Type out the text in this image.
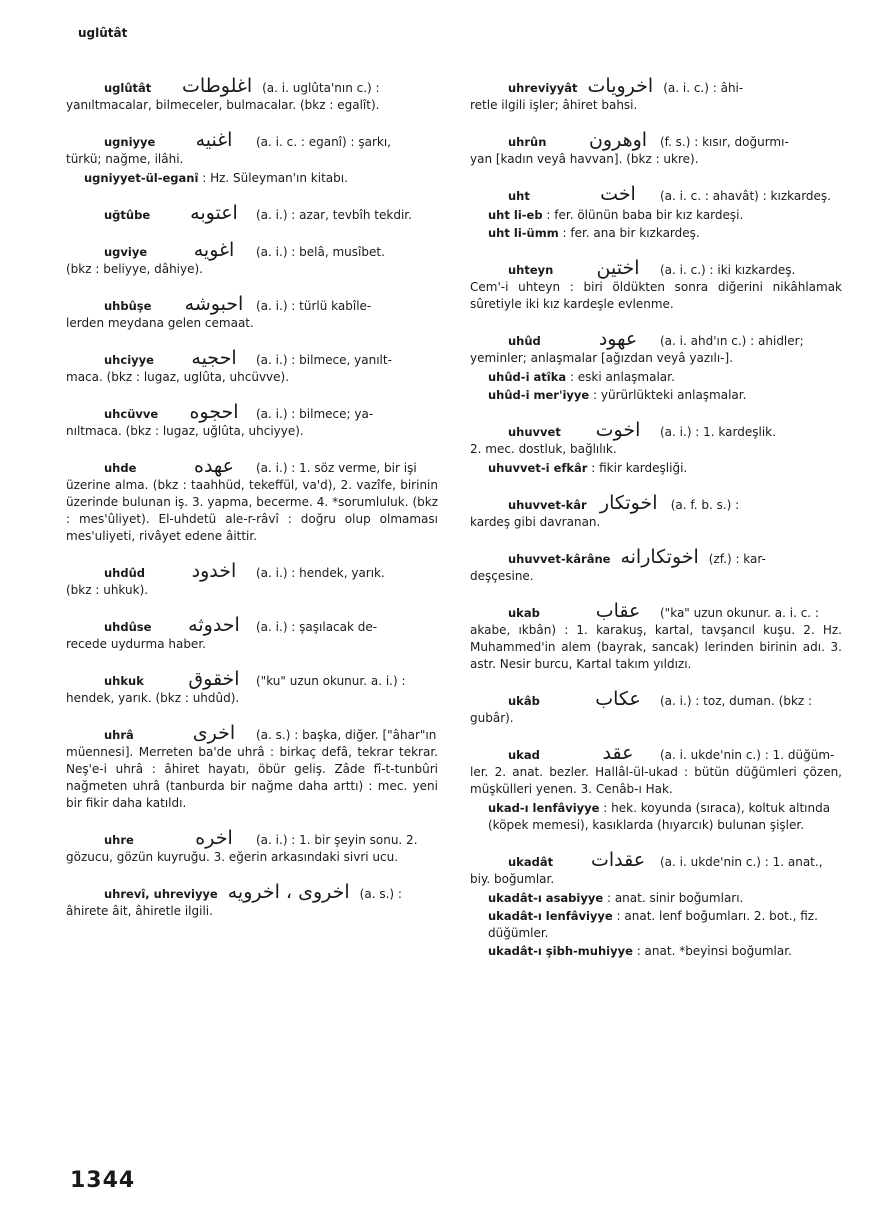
uglûtât
uglûtât	اغلوطات (a. i. uglûta'nın c.) :
yanıltmacalar, bilmeceler, bulmacalar. (bkz : egalît).
ugniyye	اغنيه	(a. i. c. : eganî) : şarkı,
türkü; nağme, ilâhi.
ugniyyet-ül-eganî : Hz. Süleyman'ın kitabı.
uğtûbe	اعتوبه	(a. i.) : azar, tevbîh tekdir.
ugviye	اغويه	(a. i.) : belâ, musîbet.
(bkz : beliyye, dâhiye).
uhbûşe	احبوشه (a. i.) : türlü kabîle-
lerden meydana gelen cemaat.
uhciyye	احجيه	(a. i.) : bilmece, yanılt-
maca. (bkz : lugaz, uglûta, uhcüvve).
uhcüvve	احجوه	(a. i.) : bilmece; ya-
nıltmaca. (bkz : lugaz, uğlûta, uhciyye).
uhde	عهده	(a. i.) : 1. söz verme, bir işi
üzerine alma. (bkz : taahhüd, tekeffül, va'd), 2. vazîfe, birinin üzerinde bulunan iş. 3. yapma, becerme. 4. *sorumluluk. (bkz : mes'ûliyet). El-uhdetü ale-r-râvî : doğru olup olmaması mes'uliyeti, rivâyet edene âittir.
uhdûd	اخدود	(a. i.) : hendek, yarık.
(bkz : uhkuk).
uhdûse	احدوثه	(a. i.) : şaşılacak de-
recede uydurma haber.
uhkuk	اخقوق	("ku" uzun okunur. a. i.) :
hendek, yarık. (bkz : uhdûd).
uhrâ	اخرى	(a. s.) : başka, diğer. ["âhar"ın
müennesi]. Merreten ba'de uhrâ : birkaç defâ, tekrar tekrar. Neş'e-i uhrâ : âhiret hayatı, öbür geliş. Zâde fî-t-tunbûri nağmeten uhrâ (tanburda bir nağme daha arttı) : mec. yeni bir fikir daha katıldı.
uhre	اخره	(a. i.) : 1. bir şeyin sonu. 2.
gözucu, gözün kuyruğu. 3. eğerin arkasındaki sivri ucu.
uhrevî, uhreviyye اخروى ، اخرويه (a. s.) :
âhirete âit, âhiretle ilgili.
uhreviyyât اخرويات (a. i. c.) : âhi-
retle ilgili işler; âhiret bahsi.
uhrûn	اوهرون (f. s.) : kısır, doğurmı-
yan [kadın veyâ havvan]. (bkz : ukre).
uht	اخت	(a. i. c. : ahavât) : kızkardeş.
uht li-eb : fer. ölünün baba bir kız kardeşi.
uht li-ümm : fer. ana bir kızkardeş.
uhteyn	اختين	(a. i. c.) : iki kızkardeş.
Cem'-i uhteyn : biri öldükten sonra diğerini nikâhlamak sûretiyle iki kız kardeşle evlenme.
uhûd	عهود	(a. i. ahd'ın c.) : ahidler;
yeminler; anlaşmalar [ağızdan veyâ yazılı-].
uhûd-i atîka : eski anlaşmalar.
uhûd-i mer'iyye : yürürlükteki anlaşmalar.
uhuvvet	اخوت	(a. i.) : 1. kardeşlik.
2. mec. dostluk, bağlılık.
uhuvvet-i efkâr : fikir kardeşliği.
uhuvvet-kâr اخوتكار (a. f. b. s.) :
kardeş gibi davranan.
uhuvvet-kârâne اخوتكارانه (zf.) : kar-
deşçesine.
ukab	عقاب	("ka" uzun okunur. a. i. c. :
akabe, ıkbân) : 1. karakuş, kartal, tavşancıl kuşu. 2. Hz. Muhammed'in alem (bayrak, sancak) lerinden birinin adı. 3. astr. Nesir burcu, Kartal takım yıldızı.
ukâb	عكاب	(a. i.) : toz, duman. (bkz :
gubâr).
ukad	عقد	(a. i. ukde'nin c.) : 1. düğüm-
ler. 2. anat. bezler. Hallâl-ül-ukad : bütün düğümleri çözen, müşkülleri yenen. 3. Cenâb-ı Hak.
ukad-ı lenfâviyye : hek. koyunda (sıraca), koltuk altında (köpek memesi), kasıklarda (hıyarcık) bulunan şişler.
ukadât	عقدات	(a. i. ukde'nin c.) : 1. anat.,
biy. boğumlar.
ukadât-ı asabiyye : anat. sinir boğumları.
ukadât-ı lenfâviyye : anat. lenf boğumları. 2. bot., fiz. düğümler.
ukadât-ı şibh-muhiyye : anat. *beyinsi boğumlar.
1344
